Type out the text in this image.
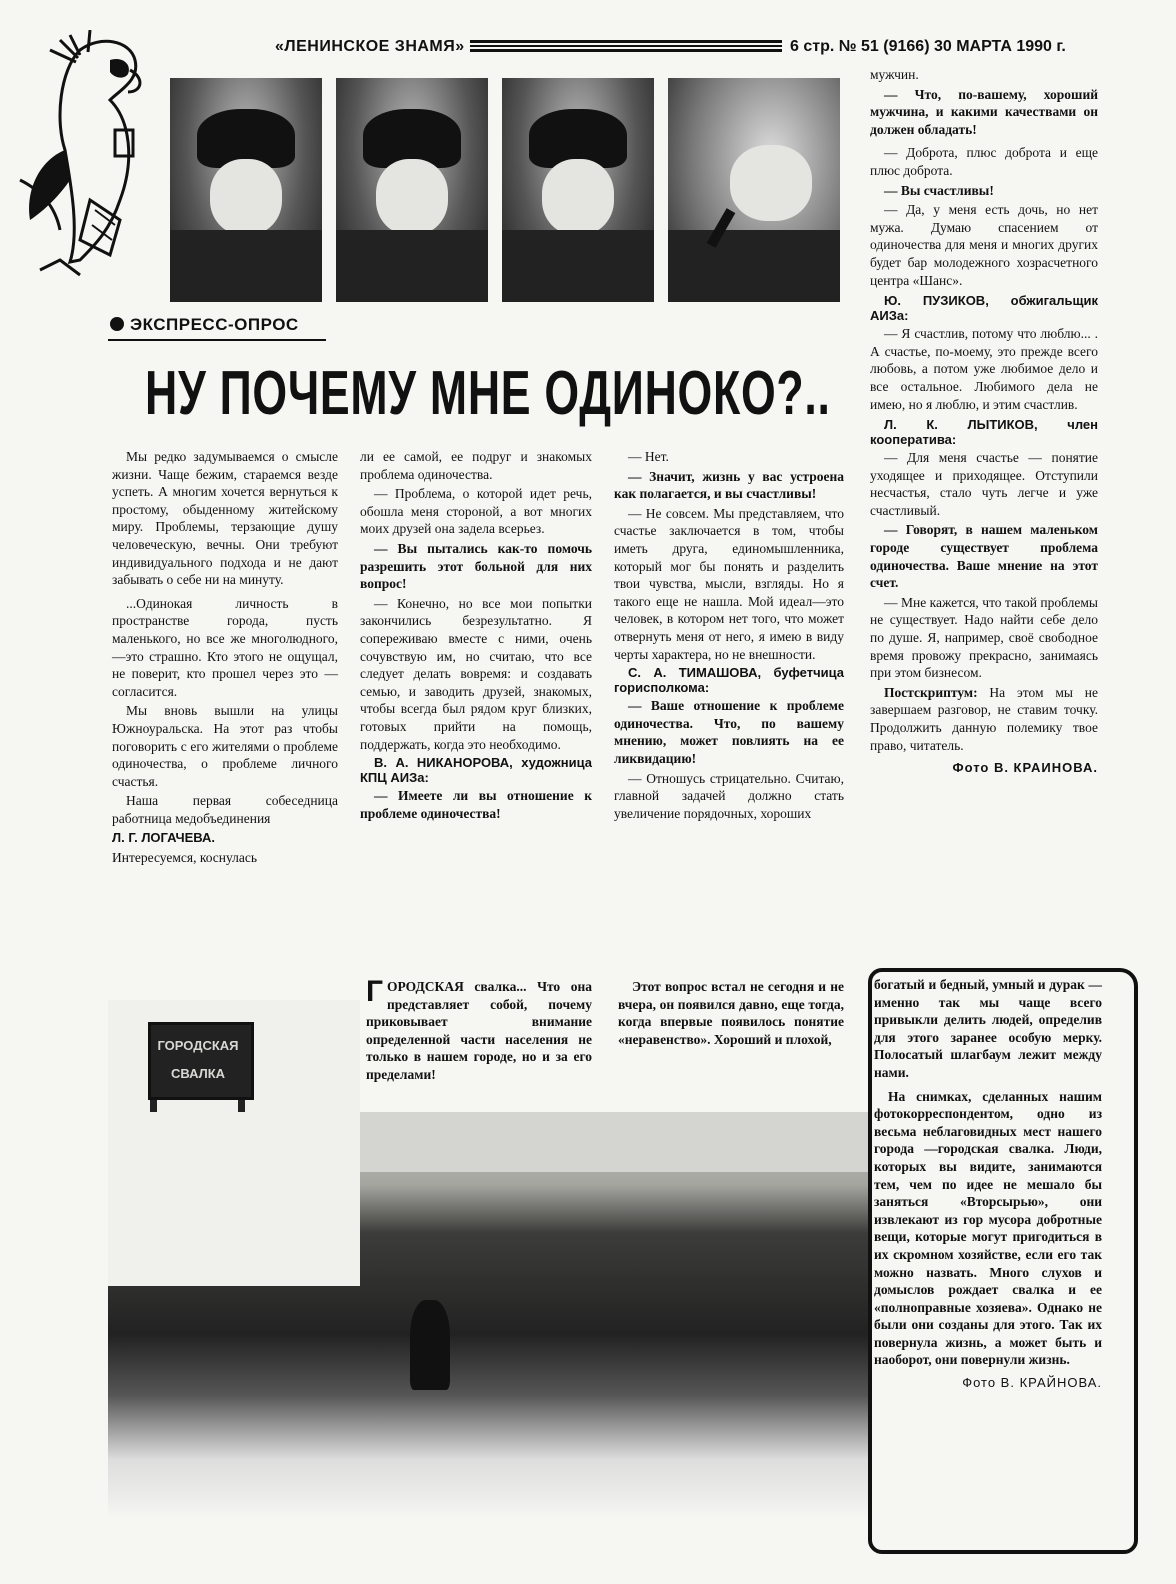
«ЛЕНИНСКОЕ ЗНАМЯ»	6 стр. № 51 (9166) 30 МАРТА 1990 г.
ЭКСПРЕСС-ОПРОС
НУ ПОЧЕМУ МНЕ ОДИНОКО?..

Мы редко задумываемся о смысле жизни. Чаще бежим, стараемся везде успеть. А многим хочется вернуться к простому, обыденному житейскому миру. Проблемы, терзающие душу человеческую, вечны. Они требуют индивидуального подхода и не дают забывать о себе ни на минуту.

...Одинокая личность в пространстве города, пусть маленького, но все же многолюдного, —это страшно. Кто этого не ощущал, не поверит, кто прошел через это — согласится.

Мы вновь вышли на улицы Южноуральска. На этот раз чтобы поговорить с его жителями о проблеме одиночества, о проблеме личного счастья.

Наша первая собеседница работница медобъединения

Л. Г. ЛОГАЧЕВА.

Интересуемся, коснулась

ли ее самой, ее подруг и знакомых проблема одиночества.

— Проблема, о которой идет речь, обошла меня стороной, а вот многих моих друзей она задела всерьез.

— Вы пытались как-то помочь разрешить этот больной для них вопрос!

— Конечно, но все мои попытки закончились безрезультатно. Я сопереживаю вместе с ними, очень сочувствую им, но считаю, что все следует делать вовремя: и создавать семью, и заводить друзей, знакомых, чтобы всегда был рядом круг близких, готовых прийти на помощь, поддержать, когда это необходимо.

В. А. НИКАНОРОВА, художница КПЦ АИЗа:

— Имеете ли вы отношение к проблеме одиночества!

— Нет.

— Значит, жизнь у вас устроена как полагается, и вы счастливы!

— Не совсем. Мы представляем, что счастье заключается в том, чтобы иметь друга, единомышленника, который мог бы понять и разделить твои чувства, мысли, взгляды. Но я такого еще не нашла. Мой идеал—это человек, в котором нет того, что может отвернуть меня от него, я имею в виду черты характера, но не внешности.

С. А. ТИМАШОВА, буфетчица горисполкома:

— Ваше отношение к проблеме одиночества. Что, по вашему мнению, может повлиять на ее ликвидацию!

— Отношусь стрицательно. Считаю, главной задачей должно стать увеличение порядочных, хороших

мужчин.

— Что, по-вашему, хороший мужчина, и какими качествами он должен обладать!

— Доброта, плюс доброта и еще плюс доброта.

— Вы счастливы!

— Да, у меня есть дочь, но нет мужа. Думаю спасением от одиночества для меня и многих других будет бар молодежного хозрасчетного центра «Шанс».

Ю. ПУЗИКОВ, обжигальщик АИЗа:

— Я счастлив, потому что люблю... . А счастье, по-моему, это прежде всего любовь, а потом уже любимое дело и все остальное. Любимого дела не имею, но я люблю, и этим счастлив.

Л. К. ЛЫТИКОВ, член кооператива:

— Для меня счастье — понятие уходящее и приходящее. Отступили несчастья, стало чуть легче и уже счастливый.

— Говорят, в нашем маленьком городе существует проблема одиночества. Ваше мнение на этот счет.

— Мне кажется, что такой проблемы не существует. Надо найти себе дело по душе. Я, например, своё свободное время провожу прекрасно, занимаясь при этом бизнесом.

Постскриптум: На этом мы не завершаем разговор, не ставим точку. Продолжить данную полемику твое право, читатель.

Фото В. КРАИНОВА.

ГОРОДСКАЯ
СВАЛКА

ГОРОДСКАЯ свалка... Что она представляет собой, почему приковывает внимание определенной части населения не только в нашем городе, но и за его пределами!

Этот вопрос встал не сегодня и не вчера, он появился давно, еще тогда, когда впервые появилось понятие «неравенство». Хороший и плохой,

богатый и бедный, умный и дурак — именно так мы чаще всего привыкли делить людей, определив для этого заранее особую мерку. Полосатый шлагбаум лежит между нами.

На снимках, сделанных нашим фотокорреспондентом, одно из весьма неблаговидных мест нашего города —городская свалка. Люди, которых вы видите, занимаются тем, чем по идее не мешало бы заняться «Вторсырью», они извлекают из гор мусора добротные вещи, которые могут пригодиться в их скромном хозяйстве, если его так можно назвать. Много слухов и домыслов рождает свалка и ее «полноправные хозяева». Однако не были они созданы для этого. Так их повернула жизнь, а может быть и наоборот, они повернули жизнь.

Фото В. КРАЙНОВА.
